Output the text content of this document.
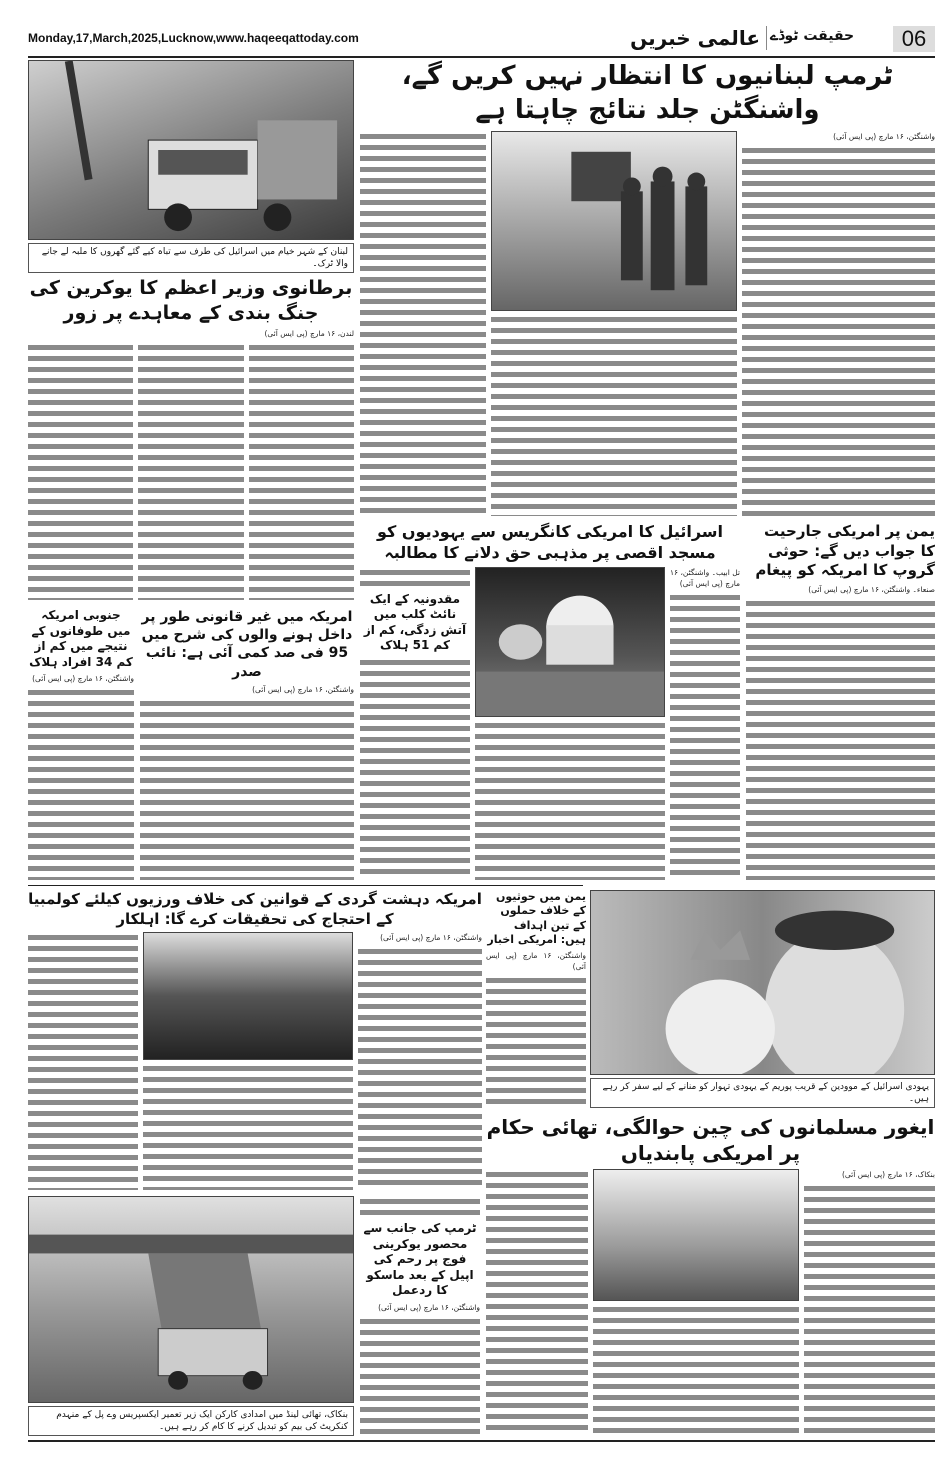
Monday,17,March,2025,Lucknow,www.haqeeqattoday.com	عالمی خبریں حقیقت ٹوڈے	06
لبنان کے شہر خیام میں اسرائیل کی طرف سے تباہ کیے گئے گھروں کا ملبہ لے جانے والا ٹرک۔
برطانوی وزیر اعظم کا یوکرین کی جنگ بندی کے معاہدے پر زور
لندن، ۱۶ مارچ (پی ایس آئی)
ٹرمپ لبنانیوں کا انتظار نہیں کریں گے، واشنگٹن جلد نتائج چاہتا ہے
واشنگٹن، ۱۶ مارچ (پی ایس آئی)
اسرائیل کا امریکی کانگریس سے یہودیوں کو مسجد اقصی پر مذہبی حق دلانے کا مطالبہ
تل ابیب۔ واشنگٹن، ۱۶ مارچ (پی ایس آئی)
مقدونیہ کے ایک نائٹ کلب میں آتش زدگی، کم از کم 51 ہلاک
یمن پر امریکی جارحیت کا جواب دیں گے: حوثی گروپ کا امریکہ کو پیغام
صنعاء۔ واشنگٹن، ۱۶ مارچ (پی ایس آئی)
امریکہ میں غیر قانونی طور پر داخل ہونے والوں کی شرح میں 95 فی صد کمی آئی ہے: نائب صدر
واشنگٹن، ۱۶ مارچ (پی ایس آئی)
جنوبی امریکہ میں طوفانوں کے نتیجے میں کم از کم 34 افراد ہلاک
واشنگٹن، ۱۶ مارچ (پی ایس آئی)
امریکہ دہشت گردی کے قوانین کی خلاف ورزیوں کیلئے کولمبیا کے احتجاج کی تحقیقات کرے گا: اہلکار
واشنگٹن، ۱۶ مارچ (پی ایس آئی)
یمن میں حوثیوں کے خلاف حملوں کے تین اہداف ہیں: امریکی اخبار
واشنگٹن، ۱۶ مارچ (پی ایس آئی)
یہودی اسرائیل کے موودین کے قریب پوریم کے یہودی تہوار کو منانے کے لیے سفر کر رہے ہیں۔
ایغور مسلمانوں کی چین حوالگی، تھائی حکام پر امریکی پابندیاں
بنکاک، ۱۶ مارچ (پی ایس آئی)
بنکاک، تھائی لینڈ میں امدادی کارکن ایک زیر تعمیر ایکسپریس وے پل کے منہدم کنکریٹ کی بیم کو تبدیل کرنے کا کام کر رہے ہیں۔
ٹرمپ کی جانب سے محصور یوکرینی فوج پر رحم کی اپیل کے بعد ماسکو کا ردعمل
واشنگٹن، ۱۶ مارچ (پی ایس آئی)
